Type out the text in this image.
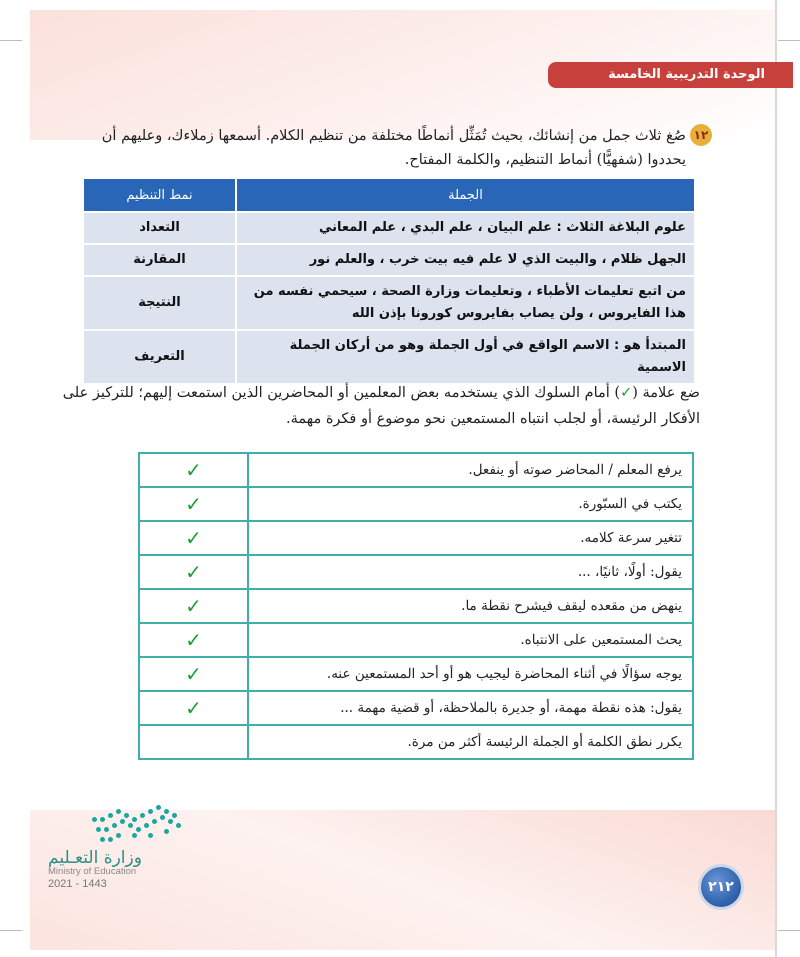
الوحدة التدريبية الخامسة
١٢
صُغ ثلاث جمل من إنشائك، بحيث تُمَثِّل أنماطًا مختلفة من تنظيم الكلام. أسمعها زملاءك، وعليهم أن يحددوا (شفهيًّا) أنماط التنظيم، والكلمة المفتاح.
الجملة	نمط التنظيم
علوم البلاغة الثلاث : علم البيان ، علم البدي ، علم المعاني	التعداد
الجهل ظلام ، والبيت الذي لا علم فيه بيت خرب ، والعلم نور	المقارنة
من اتبع تعليمات الأطباء ، وتعليمات وزارة الصحة ، سيحمي نفسه من هذا الفايروس ، ولن يصاب بفايروس كورونا بإذن الله	النتيجة
المبتدأ هو : الاسم الواقع في أول الجملة وهو من أركان الجملة الاسمية	التعريف
ضع علامة (✓) أمام السلوك الذي يستخدمه بعض المعلمين أو المحاضرين الذين استمعت إليهم؛ للتركيز على الأفكار الرئيسة، أو لجلب انتباه المستمعين نحو موضوع أو فكرة مهمة.
يرفع المعلم / المحاضر صوته أو ينفعل.	✓
يكتب في السبّورة.	✓
تتغير سرعة كلامه.	✓
يقول: أولًا، ثانيًا، ...	✓
ينهض من مقعده ليقف فيشرح نقطة ما.	✓
يحث المستمعين على الانتباه.	✓
يوجه سؤالًا في أثناء المحاضرة ليجيب هو أو أحد المستمعين عنه.	✓
يقول: هذه نقطة مهمة، أو جديرة بالملاحظة، أو قضية مهمة ...	✓
يكرر نطق الكلمة أو الجملة الرئيسة أكثر من مرة.	
وزارة التعـليم
Ministry of Education
2021 - 1443	٢١٢
